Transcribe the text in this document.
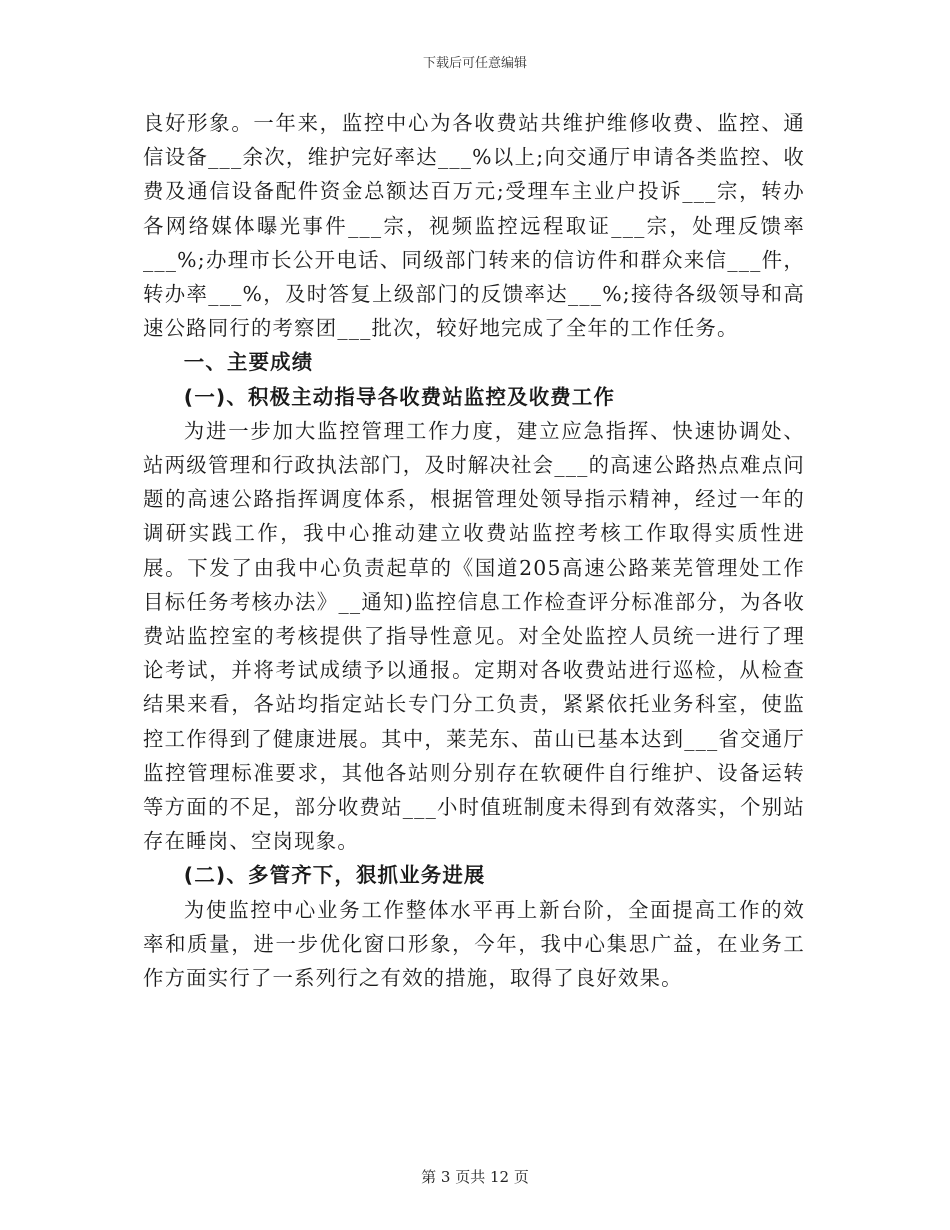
下载后可任意编辑

良好形象。一年来，监控中心为各收费站共维护维修收费、监控、通信设备___余次，维护完好率达___%以上;向交通厅申请各类监控、收费及通信设备配件资金总额达百万元;受理车主业户投诉___宗，转办各网络媒体曝光事件___宗，视频监控远程取证___宗，处理反馈率___%;办理市长公开电话、同级部门转来的信访件和群众来信___件，转办率___%，及时答复上级部门的反馈率达___%;接待各级领导和高速公路同行的考察团___批次，较好地完成了全年的工作任务。

一、主要成绩
(一)、积极主动指导各收费站监控及收费工作

为进一步加大监控管理工作力度，建立应急指挥、快速协调处、站两级管理和行政执法部门，及时解决社会___的高速公路热点难点问题的高速公路指挥调度体系，根据管理处领导指示精神，经过一年的调研实践工作，我中心推动建立收费站监控考核工作取得实质性进展。下发了由我中心负责起草的《国道205高速公路莱芜管理处工作目标任务考核办法》__通知)监控信息工作检查评分标准部分，为各收费站监控室的考核提供了指导性意见。对全处监控人员统一进行了理论考试，并将考试成绩予以通报。定期对各收费站进行巡检，从检查结果来看，各站均指定站长专门分工负责，紧紧依托业务科室，使监控工作得到了健康进展。其中，莱芜东、苗山已基本达到___省交通厅监控管理标准要求，其他各站则分别存在软硬件自行维护、设备运转等方面的不足，部分收费站___小时值班制度未得到有效落实，个别站存在睡岗、空岗现象。

(二)、多管齐下，狠抓业务进展

为使监控中心业务工作整体水平再上新台阶，全面提高工作的效率和质量，进一步优化窗口形象，今年，我中心集思广益，在业务工作方面实行了一系列行之有效的措施，取得了良好效果。

第 3 页共 12 页
